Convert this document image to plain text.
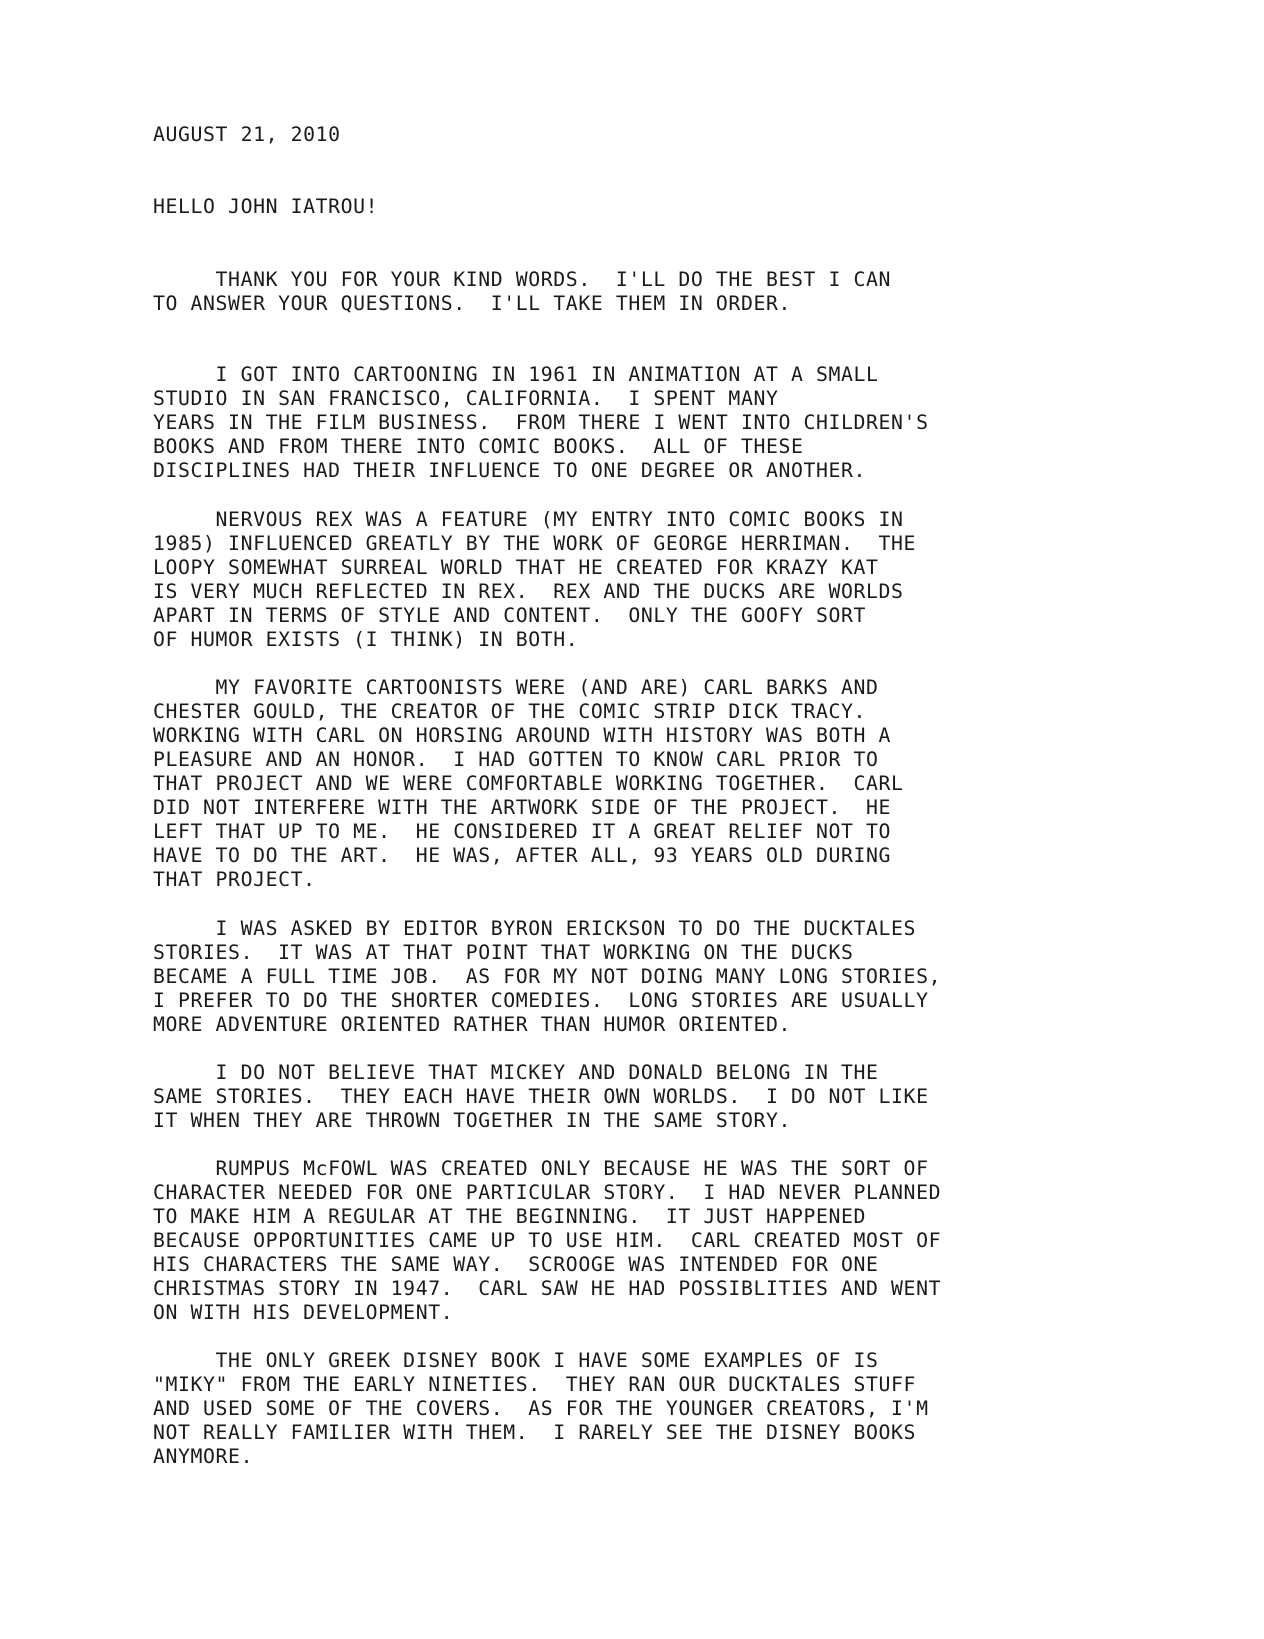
AUGUST 21, 2010
HELLO JOHN IATROU!
THANK YOU FOR YOUR KIND WORDS.  I'LL DO THE BEST I CAN
TO ANSWER YOUR QUESTIONS.  I'LL TAKE THEM IN ORDER.
I GOT INTO CARTOONING IN 1961 IN ANIMATION AT A SMALL
STUDIO IN SAN FRANCISCO, CALIFORNIA.  I SPENT MANY
YEARS IN THE FILM BUSINESS.  FROM THERE I WENT INTO CHILDREN'S
BOOKS AND FROM THERE INTO COMIC BOOKS.  ALL OF THESE
DISCIPLINES HAD THEIR INFLUENCE TO ONE DEGREE OR ANOTHER.
NERVOUS REX WAS A FEATURE (MY ENTRY INTO COMIC BOOKS IN
1985) INFLUENCED GREATLY BY THE WORK OF GEORGE HERRIMAN.  THE
LOOPY SOMEWHAT SURREAL WORLD THAT HE CREATED FOR KRAZY KAT
IS VERY MUCH REFLECTED IN REX.  REX AND THE DUCKS ARE WORLDS
APART IN TERMS OF STYLE AND CONTENT.  ONLY THE GOOFY SORT
OF HUMOR EXISTS (I THINK) IN BOTH.
MY FAVORITE CARTOONISTS WERE (AND ARE) CARL BARKS AND
CHESTER GOULD, THE CREATOR OF THE COMIC STRIP DICK TRACY.
WORKING WITH CARL ON HORSING AROUND WITH HISTORY WAS BOTH A
PLEASURE AND AN HONOR.  I HAD GOTTEN TO KNOW CARL PRIOR TO
THAT PROJECT AND WE WERE COMFORTABLE WORKING TOGETHER.  CARL
DID NOT INTERFERE WITH THE ARTWORK SIDE OF THE PROJECT.  HE
LEFT THAT UP TO ME.  HE CONSIDERED IT A GREAT RELIEF NOT TO
HAVE TO DO THE ART.  HE WAS, AFTER ALL, 93 YEARS OLD DURING
THAT PROJECT.
I WAS ASKED BY EDITOR BYRON ERICKSON TO DO THE DUCKTALES
STORIES.  IT WAS AT THAT POINT THAT WORKING ON THE DUCKS
BECAME A FULL TIME JOB.  AS FOR MY NOT DOING MANY LONG STORIES,
I PREFER TO DO THE SHORTER COMEDIES.  LONG STORIES ARE USUALLY
MORE ADVENTURE ORIENTED RATHER THAN HUMOR ORIENTED.
I DO NOT BELIEVE THAT MICKEY AND DONALD BELONG IN THE
SAME STORIES.  THEY EACH HAVE THEIR OWN WORLDS.  I DO NOT LIKE
IT WHEN THEY ARE THROWN TOGETHER IN THE SAME STORY.
RUMPUS McFOWL WAS CREATED ONLY BECAUSE HE WAS THE SORT OF
CHARACTER NEEDED FOR ONE PARTICULAR STORY.  I HAD NEVER PLANNED
TO MAKE HIM A REGULAR AT THE BEGINNING.  IT JUST HAPPENED
BECAUSE OPPORTUNITIES CAME UP TO USE HIM.  CARL CREATED MOST OF
HIS CHARACTERS THE SAME WAY.  SCROOGE WAS INTENDED FOR ONE
CHRISTMAS STORY IN 1947.  CARL SAW HE HAD POSSIBLITIES AND WENT
ON WITH HIS DEVELOPMENT.
THE ONLY GREEK DISNEY BOOK I HAVE SOME EXAMPLES OF IS
"MIKY" FROM THE EARLY NINETIES.  THEY RAN OUR DUCKTALES STUFF
AND USED SOME OF THE COVERS.  AS FOR THE YOUNGER CREATORS, I'M
NOT REALLY FAMILIER WITH THEM.  I RARELY SEE THE DISNEY BOOKS
ANYMORE.
